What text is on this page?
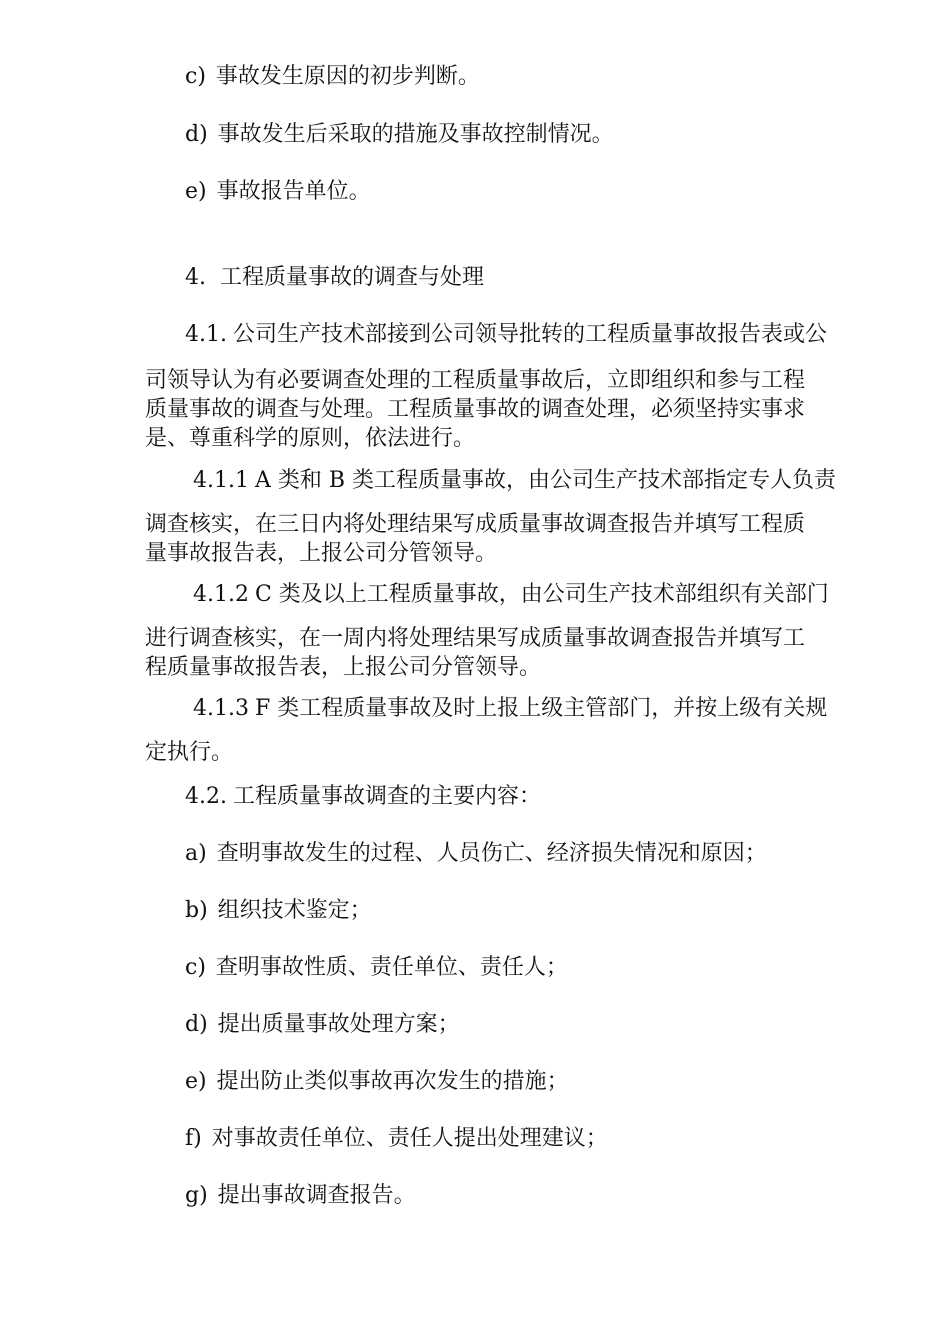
c) 事故发生原因的初步判断。
d) 事故发生后采取的措施及事故控制情况。
e) 事故报告单位。
4. 工程质量事故的调查与处理
4.1. 公司生产技术部接到公司领导批转的工程质量事故报告表或公
司领导认为有必要调查处理的工程质量事故后，立即组织和参与工程
质量事故的调查与处理。工程质量事故的调查处理，必须坚持实事求
是、尊重科学的原则，依法进行。
4.1.1 A 类和 B 类工程质量事故，由公司生产技术部指定专人负责
调查核实，在三日内将处理结果写成质量事故调查报告并填写工程质
量事故报告表，上报公司分管领导。
4.1.2 C 类及以上工程质量事故，由公司生产技术部组织有关部门
进行调查核实，在一周内将处理结果写成质量事故调查报告并填写工
程质量事故报告表，上报公司分管领导。
4.1.3 F 类工程质量事故及时上报上级主管部门，并按上级有关规
定执行。
4.2. 工程质量事故调查的主要内容：
a) 查明事故发生的过程、人员伤亡、经济损失情况和原因；
b) 组织技术鉴定；
c) 查明事故性质、责任单位、责任人；
d) 提出质量事故处理方案；
e) 提出防止类似事故再次发生的措施；
f) 对事故责任单位、责任人提出处理建议；
g) 提出事故调查报告。
